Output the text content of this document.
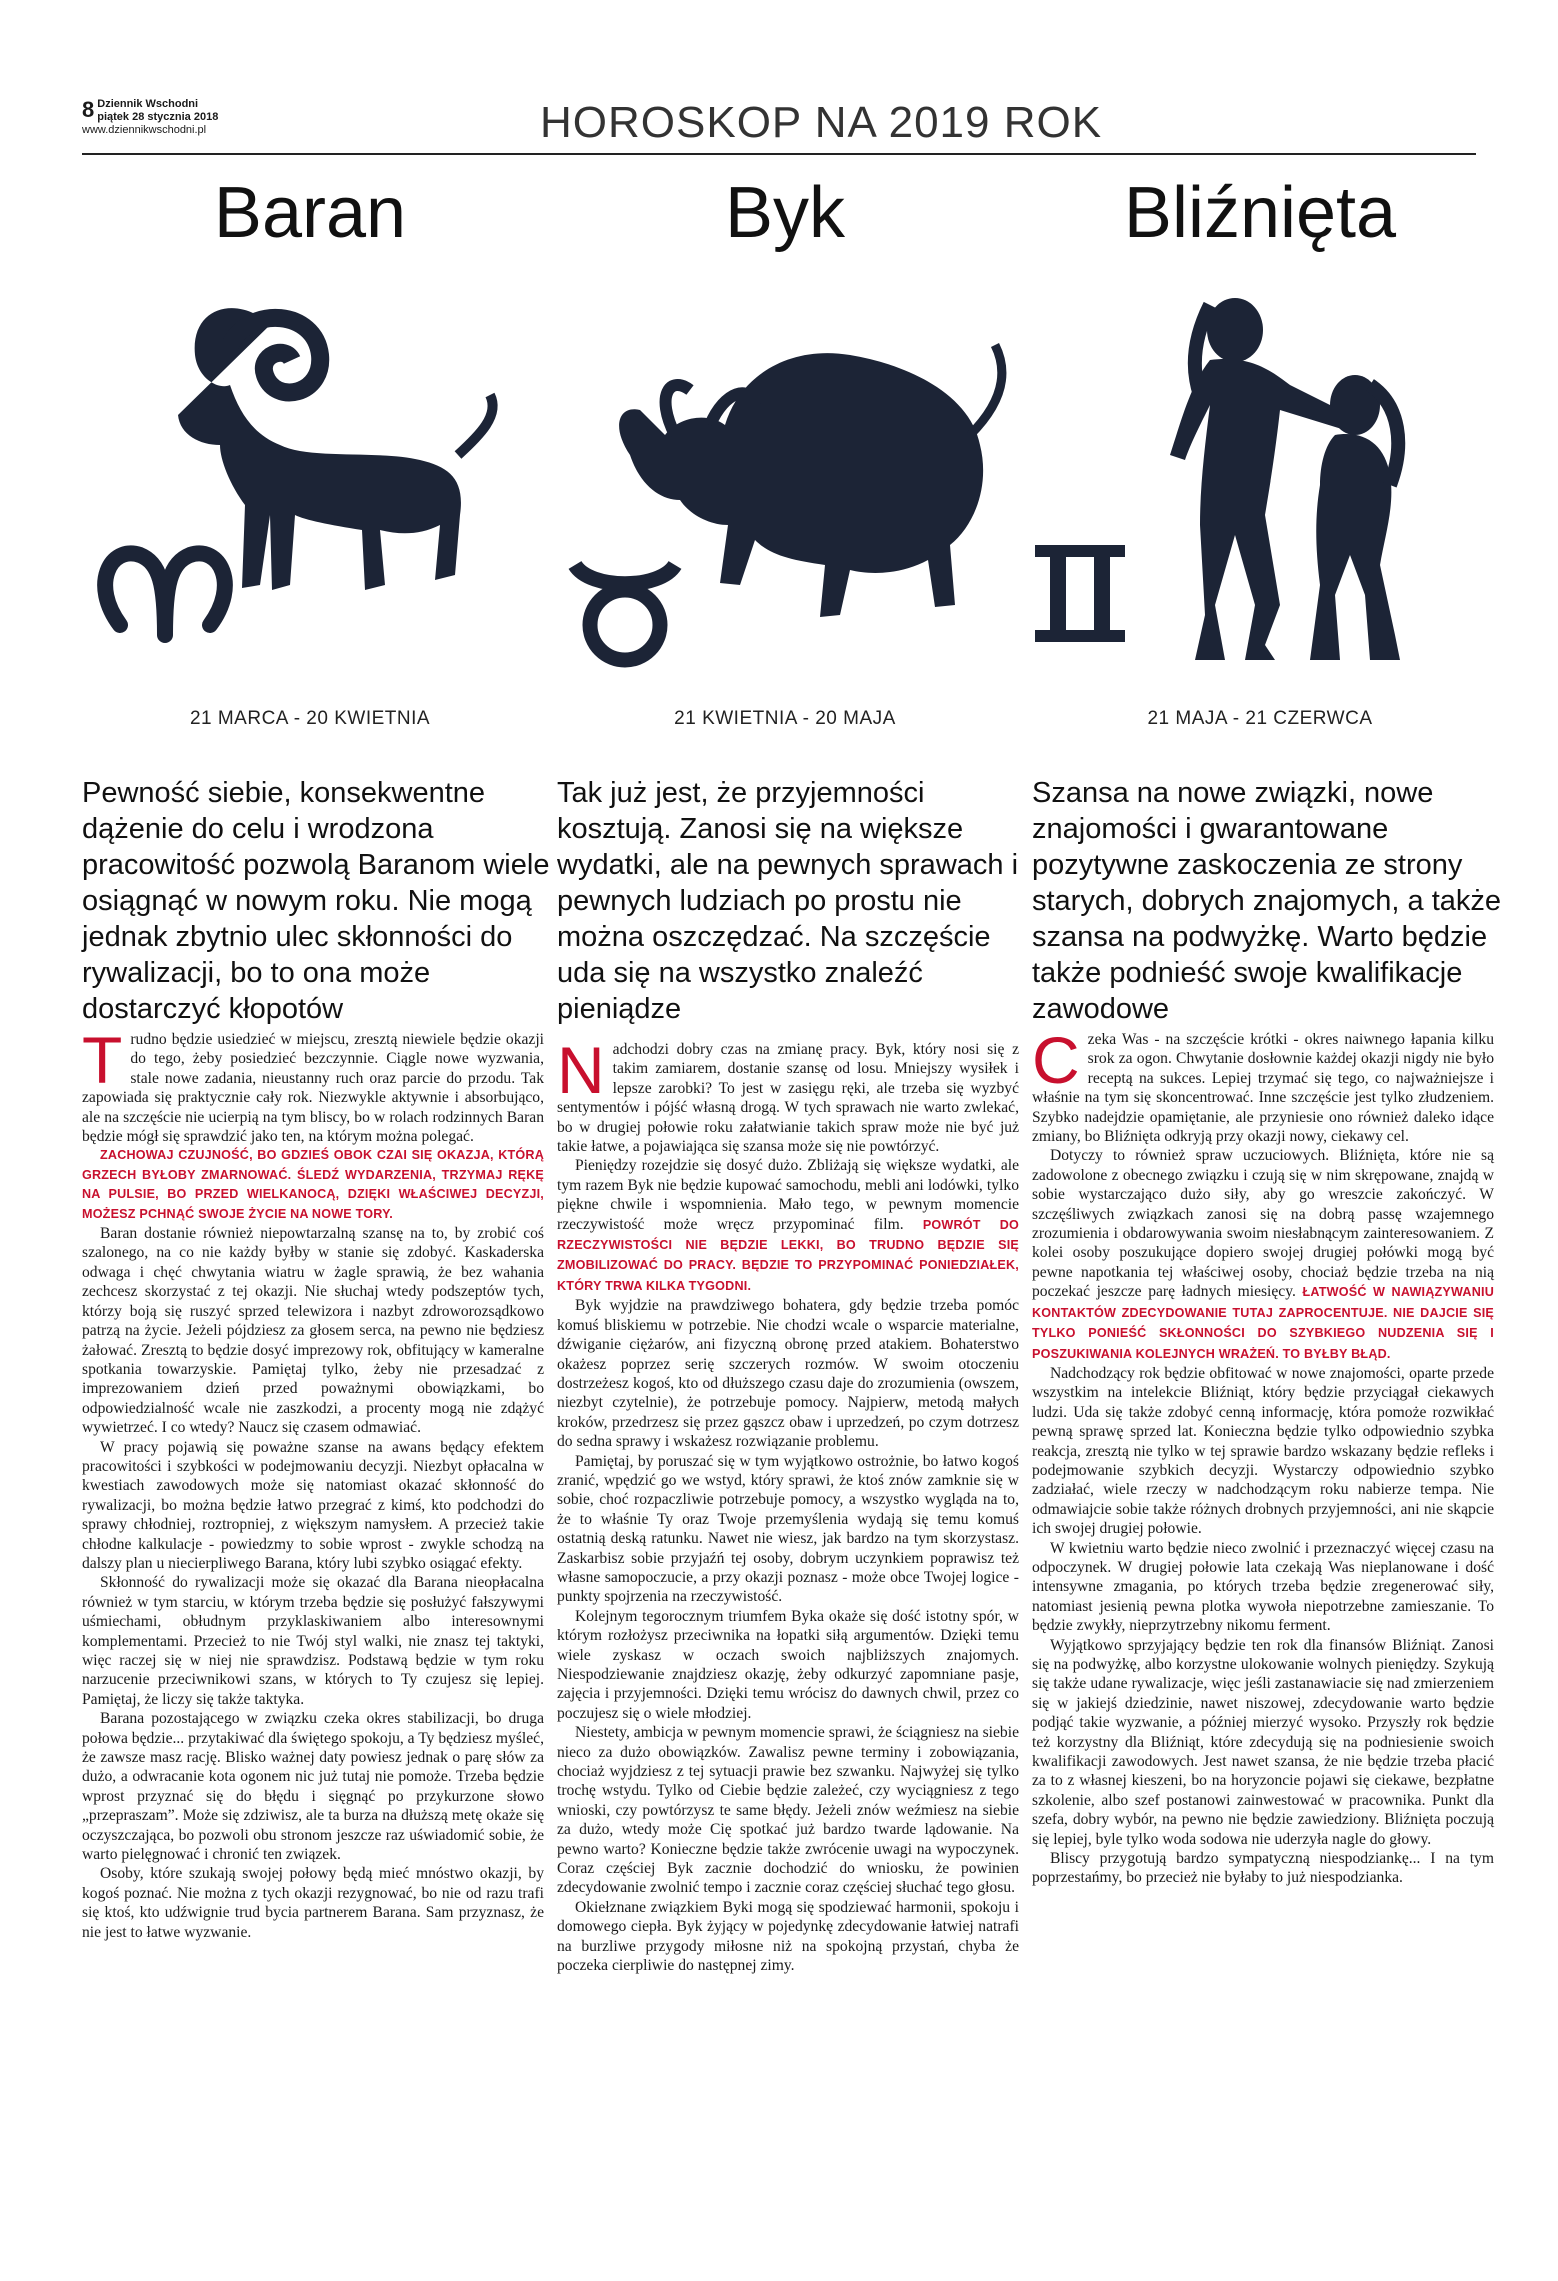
8 Dziennik Wschodni
piątek 28 stycznia 2018 www.dziennikwschodni.pl	HOROSKOP NA 2019 ROK
Baran	Byk	Bliźnięta
21 MARCA - 20 KWIETNIA	21 KWIETNIA - 20 MAJA	21 MAJA - 21 CZERWCA
Pewność siebie, konsekwentne dążenie do celu i wrodzona pracowitość pozwolą Baranom wiele osiągnąć w nowym roku. Nie mogą jednak zbytnio ulec skłonności do rywalizacji, bo to ona może dostarczyć kłopotów
Tak już jest, że przyjemności kosztują. Zanosi się na większe wydatki, ale na pewnych sprawach i pewnych ludziach po prostu nie można oszczędzać. Na szczęście uda się na wszystko znaleźć pieniądze
Szansa na nowe związki, nowe znajomości i gwarantowane pozytywne zaskoczenia ze strony starych, dobrych znajomych, a także szansa na podwyżkę. Warto będzie także podnieść swoje kwalifikacje zawodowe
T rudno będzie usiedzieć w miejscu, zresztą niewiele będzie okazji do tego, żeby posiedzieć bezczynnie. Ciągle nowe wyzwania, stale nowe zadania, nieustanny ruch oraz parcie do przodu. Tak zapowiada się praktycznie cały rok. Niezwykle aktywnie i absorbująco, ale na szczęście nie ucierpią na tym bliscy, bo w rolach rodzinnych Baran będzie mógł się sprawdzić jako ten, na którym można polegać.

ZACHOWAJ CZUJNOŚĆ, BO GDZIEŚ OBOK CZAI SIĘ OKAZJA, KTÓRĄ GRZECH BYŁOBY ZMARNOWAĆ. ŚLEDŹ WYDARZENIA, TRZYMAJ RĘKĘ NA PULSIE, BO PRZED WIELKANOCĄ, DZIĘKI WŁAŚCIWEJ DECYZJI, MOŻESZ PCHNĄĆ SWOJE ŻYCIE NA NOWE TORY.

Baran dostanie również niepowtarzalną szansę na to, by zrobić coś szalonego, na co nie każdy byłby w stanie się zdobyć. Kaskaderska odwaga i chęć chwytania wiatru w żagle sprawią, że bez wahania zechcesz skorzystać z tej okazji. Nie słuchaj wtedy podszeptów tych, którzy boją się ruszyć sprzed telewizora i nazbyt zdroworozsądkowo patrzą na życie. Jeżeli pójdziesz za głosem serca, na pewno nie będziesz żałować. Zresztą to będzie dosyć imprezowy rok, obfitujący w kameralne spotkania towarzyskie. Pamiętaj tylko, żeby nie przesadzać z imprezowaniem dzień przed poważnymi obowiązkami, bo odpowiedzialność wcale nie zaszkodzi, a procenty mogą nie zdążyć wywietrzeć. I co wtedy? Naucz się czasem odmawiać.

W pracy pojawią się poważne szanse na awans będący efektem pracowitości i szybkości w podejmowaniu decyzji. Niezbyt opłacalna w kwestiach zawodowych może się natomiast okazać skłonność do rywalizacji, bo można będzie łatwo przegrać z kimś, kto podchodzi do sprawy chłodniej, roztropniej, z większym namysłem. A przecież takie chłodne kalkulacje - powiedzmy to sobie wprost - zwykle schodzą na dalszy plan u niecierpliwego Barana, który lubi szybko osiągać efekty.

Skłonność do rywalizacji może się okazać dla Barana nieopłacalna również w tym starciu, w którym trzeba będzie się posłużyć fałszywymi uśmiechami, obłudnym przyklaskiwaniem albo interesownymi komplementami. Przecież to nie Twój styl walki, nie znasz tej taktyki, więc raczej się w niej nie sprawdzisz. Podstawą będzie w tym roku narzucenie przeciwnikowi szans, w których to Ty czujesz się lepiej. Pamiętaj, że liczy się także taktyka.

Barana pozostającego w związku czeka okres stabilizacji, bo druga połowa będzie... przytakiwać dla świętego spokoju, a Ty będziesz myśleć, że zawsze masz rację. Blisko ważnej daty powiesz jednak o parę słów za dużo, a odwracanie kota ogonem nic już tutaj nie pomoże. Trzeba będzie wprost przyznać się do błędu i sięgnąć po przykurzone słowo „przepraszam”. Może się zdziwisz, ale ta burza na dłuższą metę okaże się oczyszczająca, bo pozwoli obu stronom jeszcze raz uświadomić sobie, że warto pielęgnować i chronić ten związek.

Osoby, które szukają swojej połowy będą mieć mnóstwo okazji, by kogoś poznać. Nie można z tych okazji rezygnować, bo nie od razu trafi się ktoś, kto udźwignie trud bycia partnerem Barana. Sam przyznasz, że nie jest to łatwe wyzwanie.

N adchodzi dobry czas na zmianę pracy. Byk, który nosi się z takim zamiarem, dostanie szansę od losu. Mniejszy wysiłek i lepsze zarobki? To jest w zasięgu ręki, ale trzeba się wyzbyć sentymentów i pójść własną drogą. W tych sprawach nie warto zwlekać, bo w drugiej połowie roku załatwianie takich spraw może nie być już takie łatwe, a pojawiająca się szansa może się nie powtórzyć.

Pieniędzy rozejdzie się dosyć dużo. Zbliżają się większe wydatki, ale tym razem Byk nie będzie kupować samochodu, mebli ani lodówki, tylko piękne chwile i wspomnienia. Mało tego, w pewnym momencie rzeczywistość może wręcz przypominać film. POWRÓT DO RZECZYWISTOŚCI NIE BĘDZIE LEKKI, BO TRUDNO BĘDZIE SIĘ ZMOBILIZOWAĆ DO PRACY. BĘDZIE TO PRZYPOMINAĆ PONIEDZIAŁEK, KTÓRY TRWA KILKA TYGODNI.

Byk wyjdzie na prawdziwego bohatera, gdy będzie trzeba pomóc komuś bliskiemu w potrzebie. Nie chodzi wcale o wsparcie materialne, dźwiganie ciężarów, ani fizyczną obronę przed atakiem. Bohaterstwo okażesz poprzez serię szczerych rozmów. W swoim otoczeniu dostrzeżesz kogoś, kto od dłuższego czasu daje do zrozumienia (owszem, niezbyt czytelnie), że potrzebuje pomocy. Najpierw, metodą małych kroków, przedrzesz się przez gąszcz obaw i uprzedzeń, po czym dotrzesz do sedna sprawy i wskażesz rozwiązanie problemu.

Pamiętaj, by poruszać się w tym wyjątkowo ostrożnie, bo łatwo kogoś zranić, wpędzić go we wstyd, który sprawi, że ktoś znów zamknie się w sobie, choć rozpaczliwie potrzebuje pomocy, a wszystko wygląda na to, że to właśnie Ty oraz Twoje przemyślenia wydają się temu komuś ostatnią deską ratunku. Nawet nie wiesz, jak bardzo na tym skorzystasz. Zaskarbisz sobie przyjaźń tej osoby, dobrym uczynkiem poprawisz też własne samopoczucie, a przy okazji poznasz - może obce Twojej logice - punkty spojrzenia na rzeczywistość.

Kolejnym tegorocznym triumfem Byka okaże się dość istotny spór, w którym rozłożysz przeciwnika na łopatki siłą argumentów. Dzięki temu wiele zyskasz w oczach swoich najbliższych znajomych. Niespodziewanie znajdziesz okazję, żeby odkurzyć zapomniane pasje, zajęcia i przyjemności. Dzięki temu wrócisz do dawnych chwil, przez co poczujesz się o wiele młodziej.

Niestety, ambicja w pewnym momencie sprawi, że ściągniesz na siebie nieco za dużo obowiązków. Zawalisz pewne terminy i zobowiązania, chociaż wyjdziesz z tej sytuacji prawie bez szwanku. Najwyżej się tylko trochę wstydu. Tylko od Ciebie będzie zależeć, czy wyciągniesz z tego wnioski, czy powtórzysz te same błędy. Jeżeli znów weźmiesz na siebie za dużo, wtedy może Cię spotkać już bardzo twarde lądowanie. Na pewno warto? Konieczne będzie także zwrócenie uwagi na wypoczynek. Coraz częściej Byk zacznie dochodzić do wniosku, że powinien zdecydowanie zwolnić tempo i zacznie coraz częściej słuchać tego głosu.

Okiełznane związkiem Byki mogą się spodziewać harmonii, spokoju i domowego ciepła. Byk żyjący w pojedynkę zdecydowanie łatwiej natrafi na burzliwe przygody miłosne niż na spokojną przystań, chyba że poczeka cierpliwie do następnej zimy.

C zeka Was - na szczęście krótki - okres naiwnego łapania kilku srok za ogon. Chwytanie dosłownie każdej okazji nigdy nie było receptą na sukces. Lepiej trzymać się tego, co najważniejsze i właśnie na tym się skoncentrować. Inne szczęście jest tylko złudzeniem. Szybko nadejdzie opamiętanie, ale przyniesie ono również daleko idące zmiany, bo Bliźnięta odkryją przy okazji nowy, ciekawy cel.

Dotyczy to również spraw uczuciowych. Bliźnięta, które nie są zadowolone z obecnego związku i czują się w nim skrępowane, znajdą w sobie wystarczająco dużo siły, aby go wreszcie zakończyć. W szczęśliwych związkach zanosi się na dobrą passę wzajemnego zrozumienia i obdarowywania swoim niesłabnącym zainteresowaniem. Z kolei osoby poszukujące dopiero swojej drugiej połówki mogą być pewne napotkania tej właściwej osoby, chociaż będzie trzeba na nią poczekać jeszcze parę ładnych miesięcy. ŁATWOŚĆ W NAWIĄZYWANIU KONTAKTÓW ZDECYDOWANIE TUTAJ ZAPROCENTUJE. NIE DAJCIE SIĘ TYLKO PONIEŚĆ SKŁONNOŚCI DO SZYBKIEGO NUDZENIA SIĘ I POSZUKIWANIA KOLEJNYCH WRAŻEŃ. TO BYŁBY BŁĄD.

Nadchodzący rok będzie obfitować w nowe znajomości, oparte przede wszystkim na intelekcie Bliźniąt, który będzie przyciągał ciekawych ludzi. Uda się także zdobyć cenną informację, która pomoże rozwikłać pewną sprawę sprzed lat. Konieczna będzie tylko odpowiednio szybka reakcja, zresztą nie tylko w tej sprawie bardzo wskazany będzie refleks i podejmowanie szybkich decyzji. Wystarczy odpowiednio szybko zadziałać, wiele rzeczy w nadchodzącym roku nabierze tempa. Nie odmawiajcie sobie także różnych drobnych przyjemności, ani nie skąpcie ich swojej drugiej połowie.

W kwietniu warto będzie nieco zwolnić i przeznaczyć więcej czasu na odpoczynek. W drugiej połowie lata czekają Was nieplanowane i dość intensywne zmagania, po których trzeba będzie zregenerować siły, natomiast jesienią pewna plotka wywoła niepotrzebne zamieszanie. To będzie zwykły, nieprzytrzebny nikomu ferment.

Wyjątkowo sprzyjający będzie ten rok dla finansów Bliźniąt. Zanosi się na podwyżkę, albo korzystne ulokowanie wolnych pieniędzy. Szykują się także udane rywalizacje, więc jeśli zastanawiacie się nad zmierzeniem się w jakiejś dziedzinie, nawet niszowej, zdecydowanie warto będzie podjąć takie wyzwanie, a później mierzyć wysoko. Przyszły rok będzie też korzystny dla Bliźniąt, które zdecydują się na podniesienie swoich kwalifikacji zawodowych. Jest nawet szansa, że nie będzie trzeba płacić za to z własnej kieszeni, bo na horyzoncie pojawi się ciekawe, bezpłatne szkolenie, albo szef postanowi zainwestować w pracownika. Punkt dla szefa, dobry wybór, na pewno nie będzie zawiedziony. Bliźnięta poczują się lepiej, byle tylko woda sodowa nie uderzyła nagle do głowy.

Bliscy przygotują bardzo sympatyczną niespodziankę... I na tym poprzestańmy, bo przecież nie byłaby to już niespodzianka.
